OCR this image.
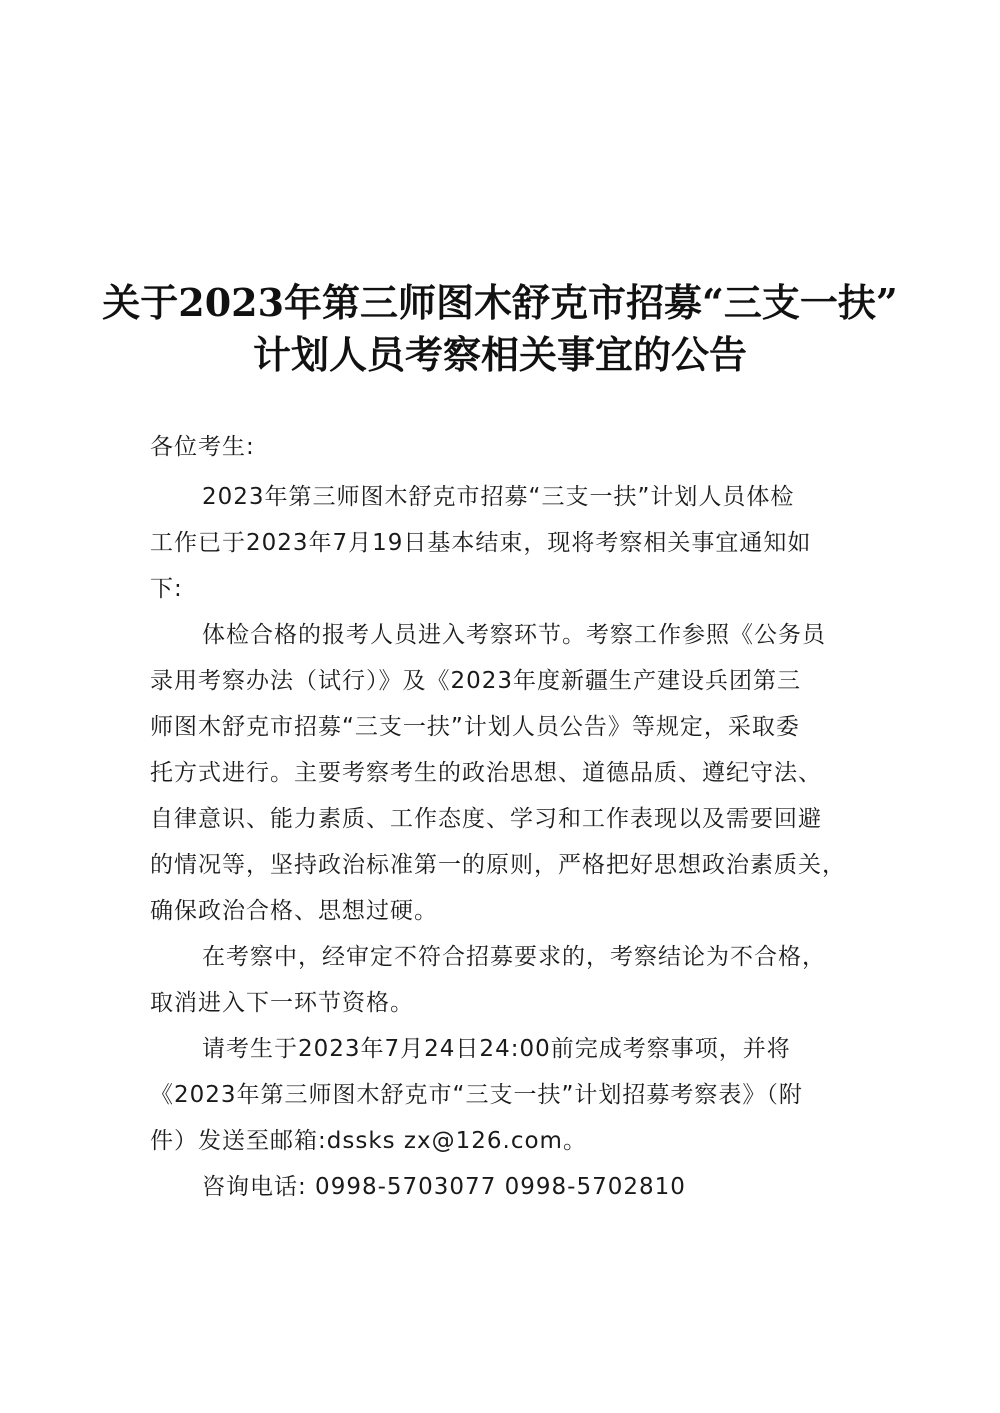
关于2023年第三师图木舒克市招募“三支一扶”
计划人员考察相关事宜的公告
各位考生:
2023年第三师图木舒克市招募“三支一扶”计划人员体检
工作已于2023年7月19日基本结束，现将考察相关事宜通知如
下:
体检合格的报考人员进入考察环节。考察工作参照《公务员
录用考察办法（试行）》及《2023年度新疆生产建设兵团第三
师图木舒克市招募“三支一扶”计划人员公告》等规定，采取委
托方式进行。主要考察考生的政治思想、道德品质、遵纪守法、
自律意识、能力素质、工作态度、学习和工作表现以及需要回避
的情况等，坚持政治标准第一的原则，严格把好思想政治素质关，
确保政治合格、思想过硬。
在考察中，经审定不符合招募要求的，考察结论为不合格，
取消进入下一环节资格。
请考生于2023年7月24日24:00前完成考察事项，并将
《2023年第三师图木舒克市“三支一扶”计划招募考察表》（附
件）发送至邮箱:dssks zx@126.com。
咨询电话: 0998-5703077 0998-5702810
